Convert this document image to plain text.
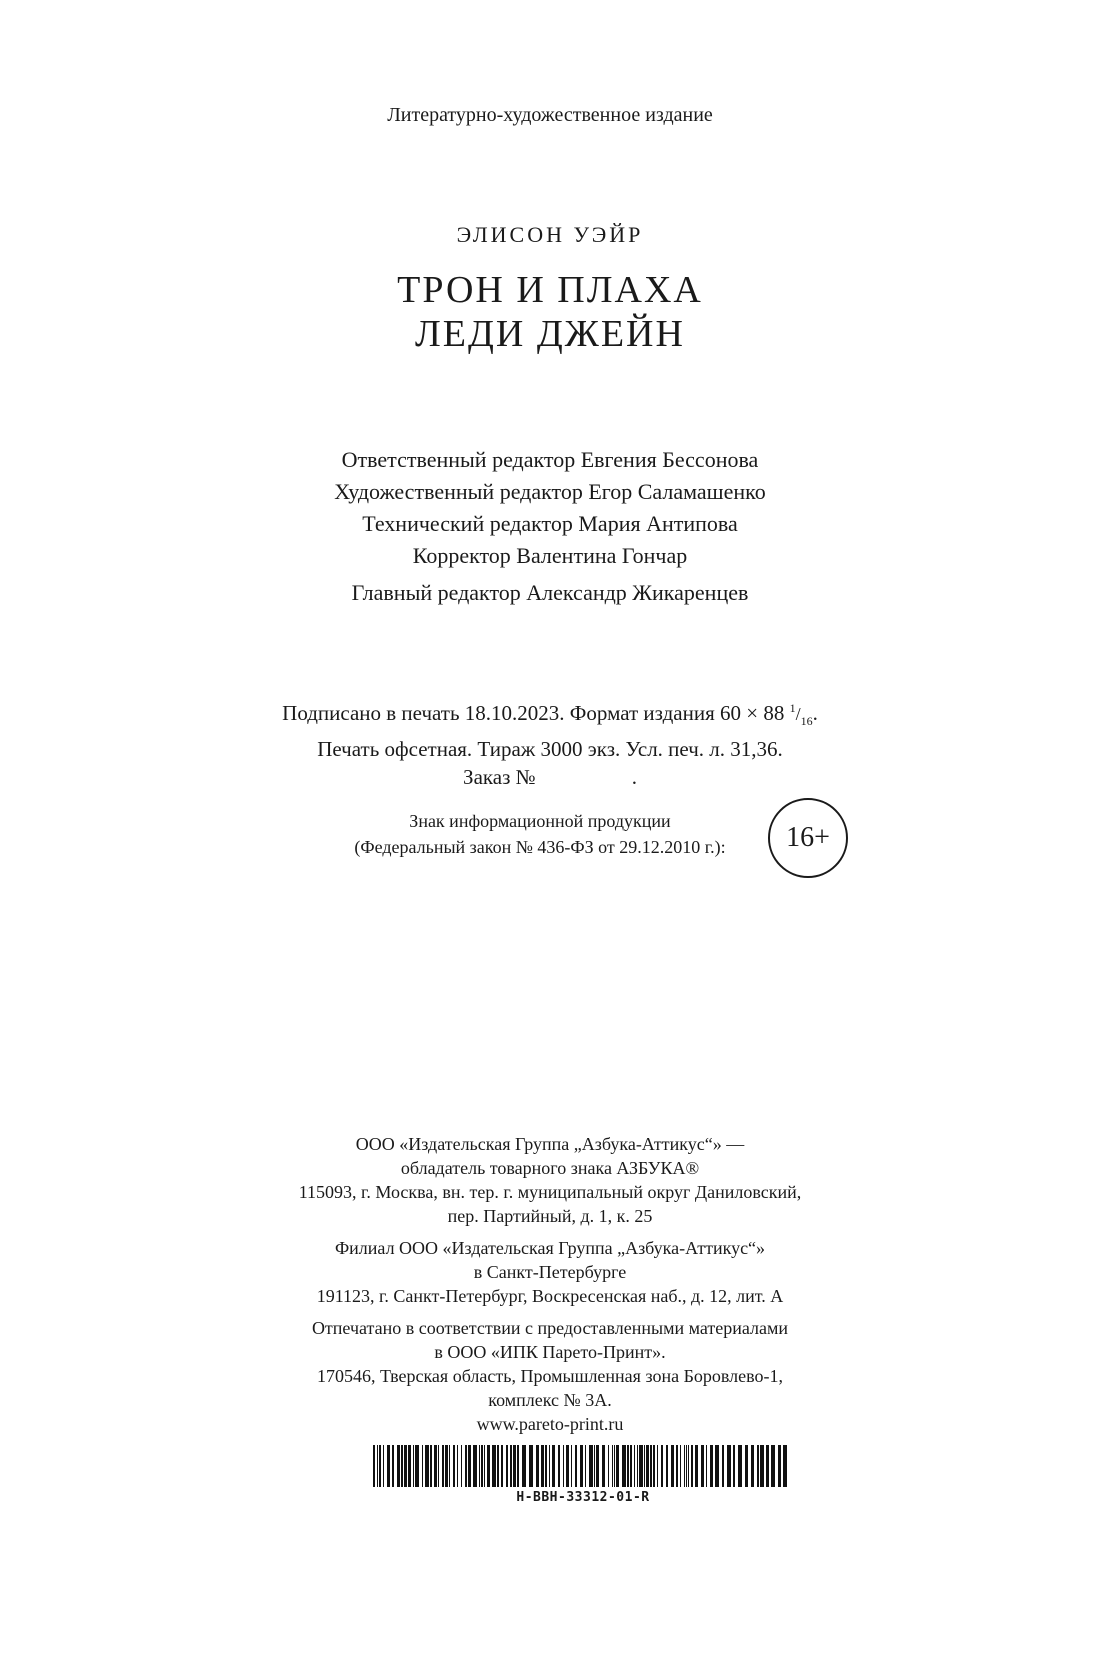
Литературно-художественное издание
ЭЛИСОН УЭЙР
ТРОН И ПЛАХА
ЛЕДИ ДЖЕЙН
Ответственный редактор Евгения Бессонова
Художественный редактор Егор Саламашенко
Технический редактор Мария Антипова
Корректор Валентина Гончар
Главный редактор Александр Жикаренцев
Подписано в печать 18.10.2023. Формат издания 60 × 88 $^1/_{16}$.
Печать офсетная. Тираж 3000 экз. Усл. печ. л. 31,36.
Заказ №	.
Знак информационной продукции
(Федеральный закон № 436-ФЗ от 29.12.2010 г.):	16+
ООО «Издательская Группа „Азбука-Аттикус“» —
обладатель товарного знака АЗБУКА®
115093, г. Москва, вн. тер. г. муниципальный округ Даниловский,
пер. Партийный, д. 1, к. 25
Филиал ООО «Издательская Группа „Азбука-Аттикус“»
в Санкт-Петербурге
191123, г. Санкт-Петербург, Воскресенская наб., д. 12, лит. А
Отпечатано в соответствии с предоставленными материалами
в ООО «ИПК Парето-Принт».
170546, Тверская область, Промышленная зона Боровлево-1,
комплекс № 3А.
www.pareto-print.ru
H-BBH-33312-01-R
